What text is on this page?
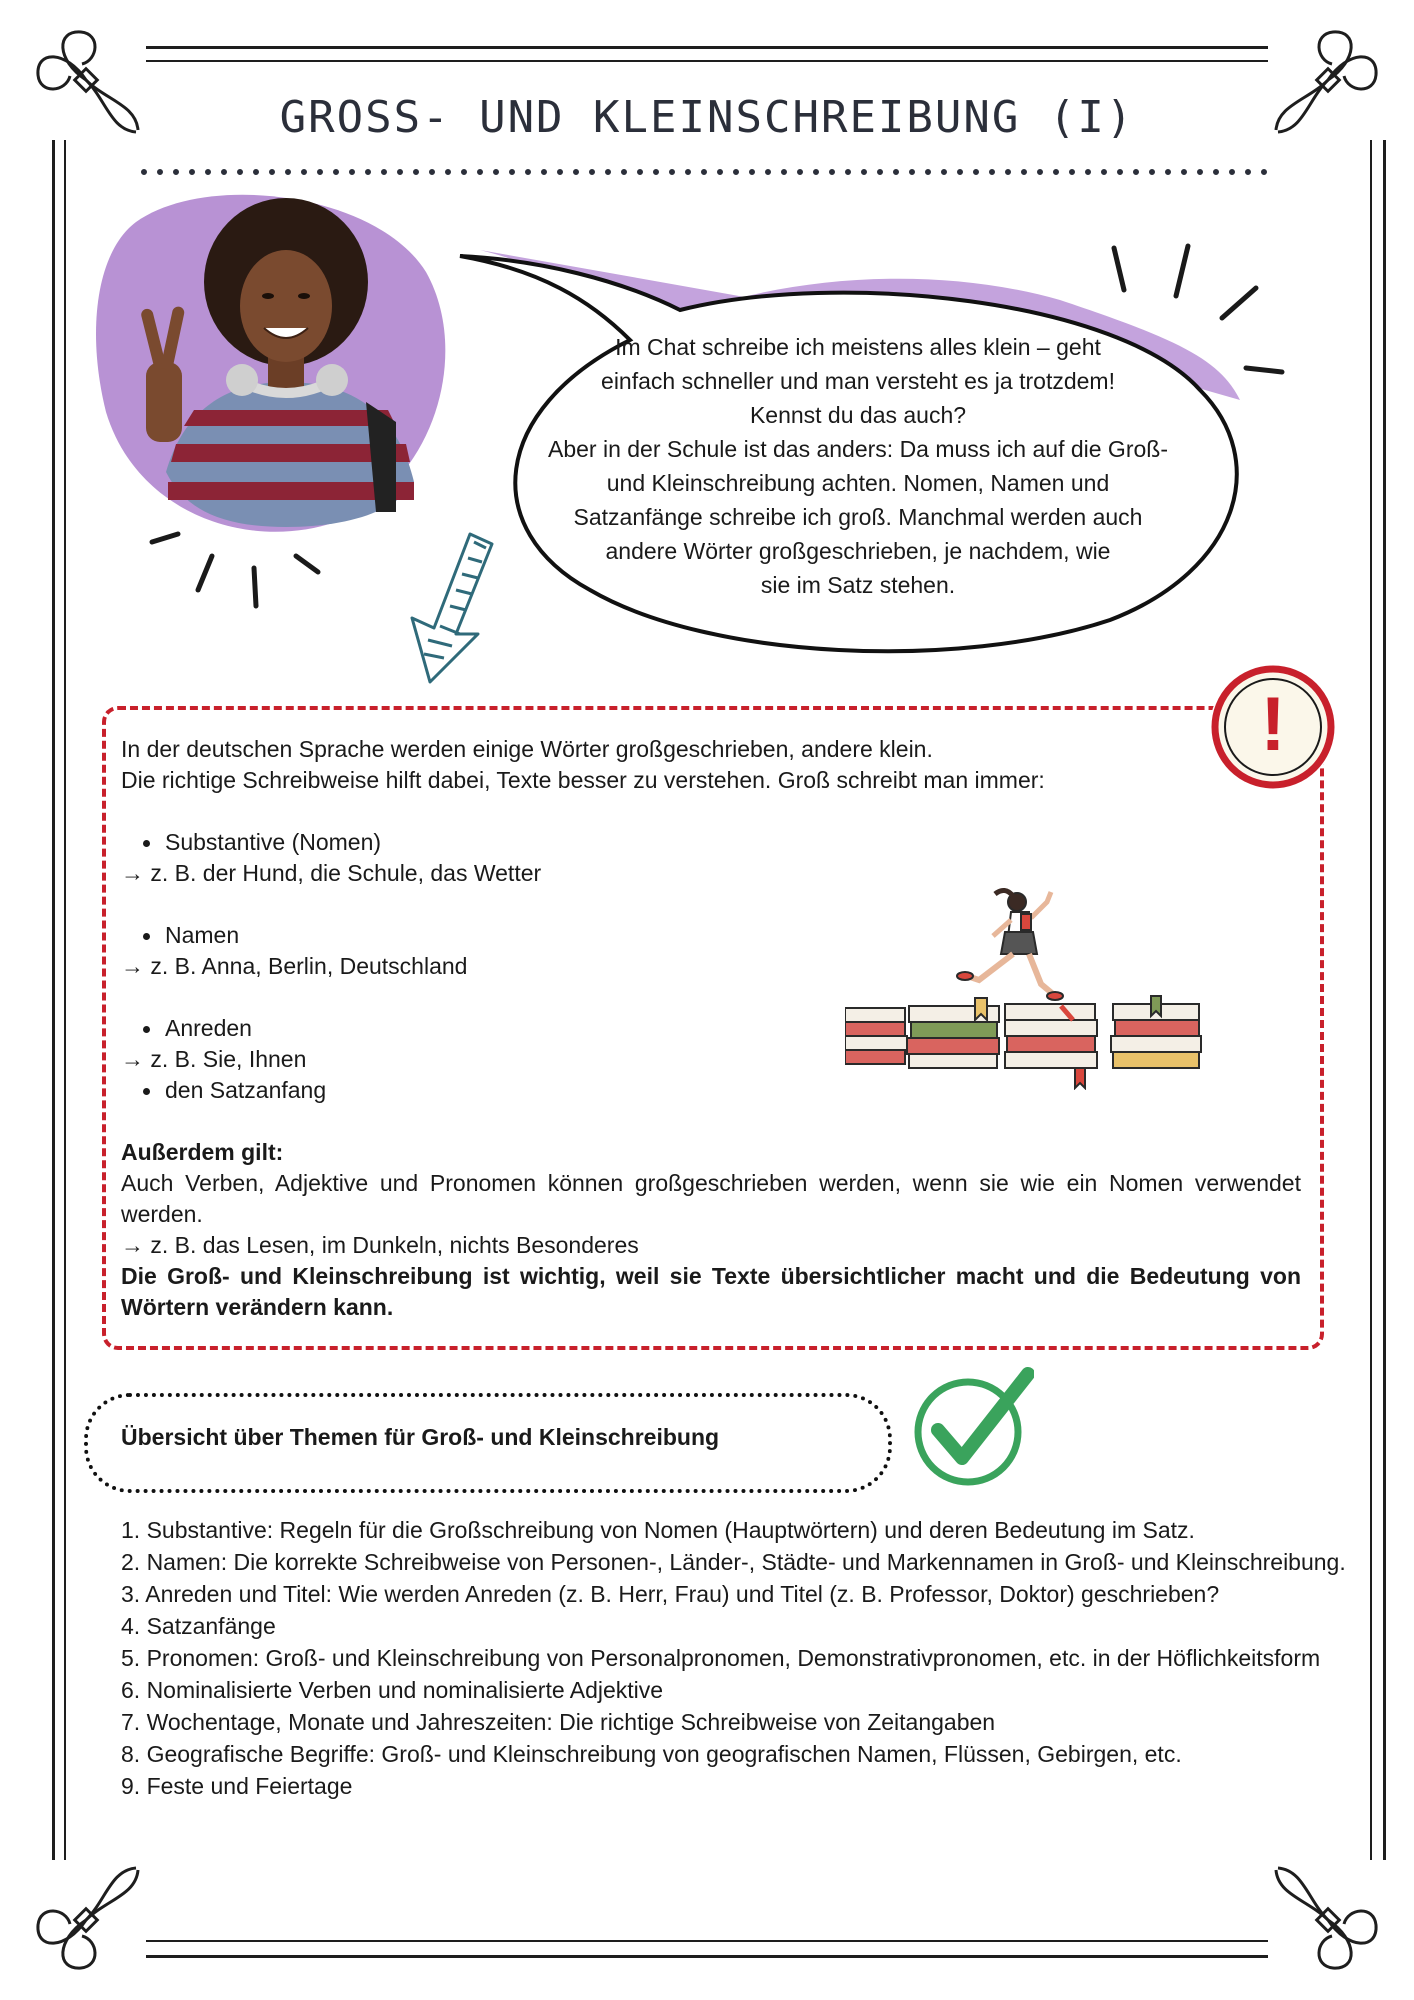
GROSS- UND KLEINSCHREIBUNG (I)

Im Chat schreibe ich meistens alles klein – geht

einfach schneller und man versteht es ja trotzdem!

Kennst du das auch?

Aber in der Schule ist das anders: Da muss ich auf die Groß-

und Kleinschreibung achten. Nomen, Namen und

Satzanfänge schreibe ich groß. Manchmal werden auch

andere Wörter großgeschrieben, je nachdem, wie

sie im Satz stehen.

!

In der deutschen Sprache werden einige Wörter großgeschrieben, andere klein.

Die richtige Schreibweise hilft dabei, Texte besser zu verstehen. Groß schreibt man immer:

Substantive (Nomen)

→ z. B. der Hund, die Schule, das Wetter

Namen

→ z. B. Anna, Berlin, Deutschland

Anreden

→ z. B. Sie, Ihnen

den Satzanfang

Außerdem gilt:

Auch Verben, Adjektive und Pronomen können großgeschrieben werden, wenn sie wie ein Nomen verwendet werden.

→ z. B. das Lesen, im Dunkeln, nichts Besonderes

Die Groß- und Kleinschreibung ist wichtig, weil sie Texte übersichtlicher macht und die Bedeutung von Wörtern verändern kann.

Übersicht über Themen für Groß- und Kleinschreibung

1. Substantive: Regeln für die Großschreibung von Nomen (Hauptwörtern) und deren Bedeutung im Satz.

2. Namen: Die korrekte Schreibweise von Personen-, Länder-, Städte- und Markennamen in Groß- und Kleinschreibung.

3. Anreden und Titel: Wie werden Anreden (z. B. Herr, Frau) und Titel (z. B. Professor, Doktor) geschrieben?

4. Satzanfänge

5. Pronomen: Groß- und Kleinschreibung von Personalpronomen, Demonstrativpronomen, etc. in der Höflichkeitsform

6. Nominalisierte Verben und nominalisierte Adjektive

7. Wochentage, Monate und Jahreszeiten: Die richtige Schreibweise von Zeitangaben

8. Geografische Begriffe: Groß- und Kleinschreibung von geografischen Namen, Flüssen, Gebirgen, etc.

9. Feste und Feiertage
